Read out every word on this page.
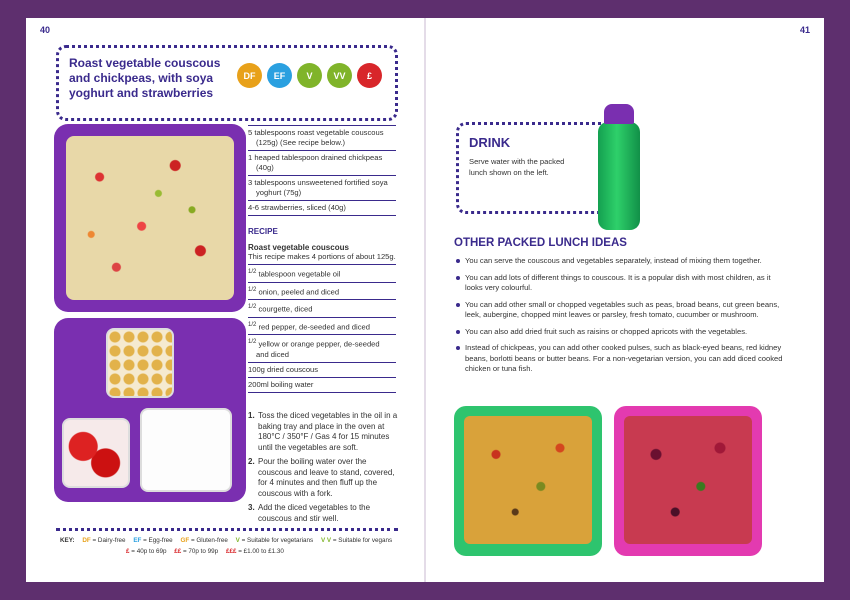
40
Roast vegetable couscous and chickpeas, with soya yoghurt and strawberries
DF	EF	V	VV	£
5 tablespoons roast vegetable couscous
(125g) (See recipe below.)
1 heaped tablespoon drained chickpeas
(40g)
3 tablespoons unsweetened fortified soya
yoghurt (75g)
4-6 strawberries, sliced (40g)
RECIPE
Roast vegetable couscous
This recipe makes 4 portions of about 125g.
$^{1/2}$ tablespoon vegetable oil
$^{1/2}$ onion, peeled and diced
$^{1/2}$ courgette, diced
$^{1/2}$ red pepper, de-seeded and diced
$^{1/2}$ yellow or orange pepper, de-seeded
and diced
100g dried couscous
200ml boiling water
1. Toss the diced vegetables in the oil in a baking tray and place in the oven at 180°C / 350°F / Gas 4 for 15 minutes until the vegetables are soft.
2. Pour the boiling water over the couscous and leave to stand, covered, for 4 minutes and then fluff up the couscous with a fork.
3. Add the diced vegetables to the couscous and stir well.
KEY: DF = Dairy-free EF = Egg-free GF = Gluten-free V = Suitable for vegetarians V V = Suitable for vegans
£ = 40p to 69p ££ = 70p to 99p £££ = £1.00 to £1.30
41
DRINK
Serve water with the packed lunch shown on the left.
OTHER PACKED LUNCH IDEAS
You can serve the couscous and vegetables separately, instead of mixing them together.
You can add lots of different things to couscous. It is a popular dish with most children, as it looks very colourful.
You can add other small or chopped vegetables such as peas, broad beans, cut green beans, leek, aubergine, chopped mint leaves or parsley, fresh tomato, cucumber or mushroom.
You can also add dried fruit such as raisins or chopped apricots with the vegetables.
Instead of chickpeas, you can add other cooked pulses, such as black-eyed beans, red kidney beans, borlotti beans or butter beans. For a non-vegetarian version, you can add diced cooked chicken or tuna fish.
